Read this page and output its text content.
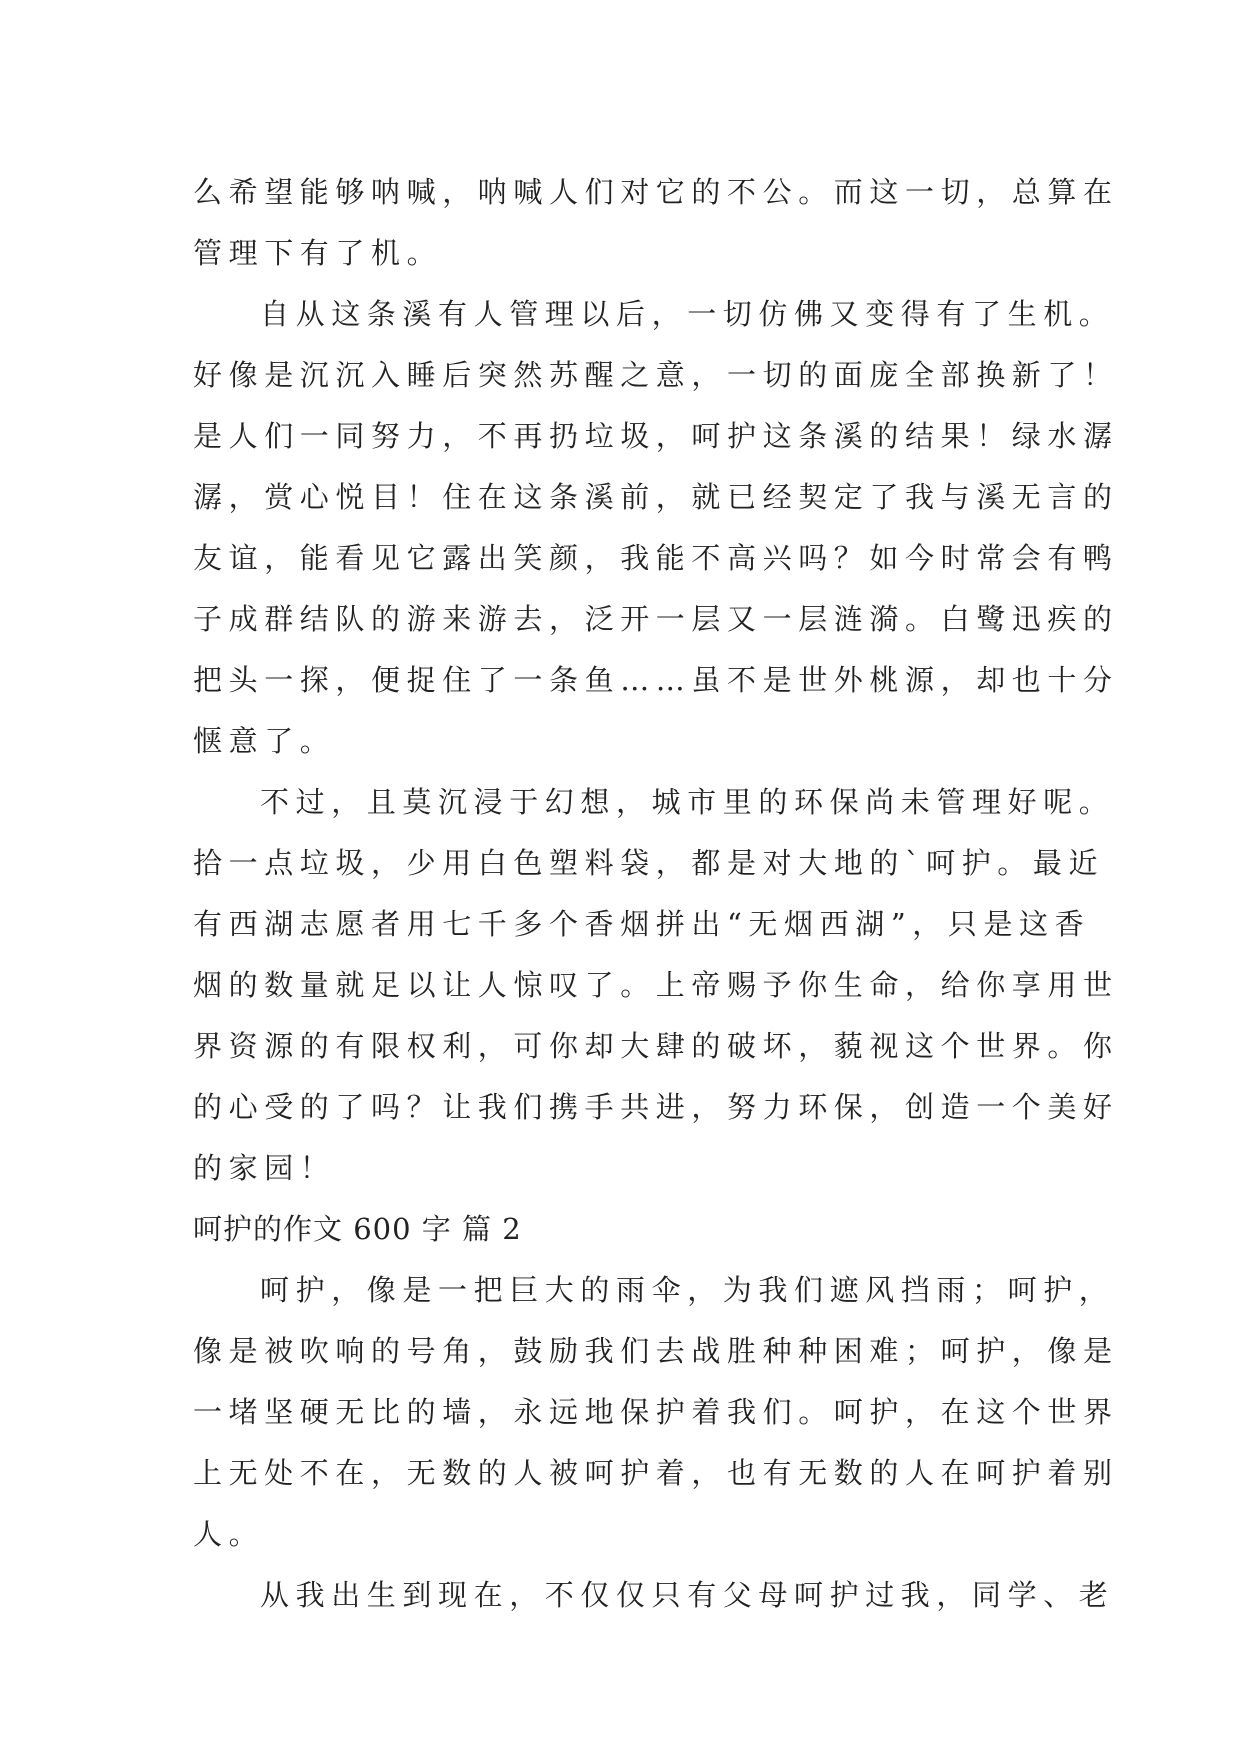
么希望能够呐喊，呐喊人们对它的不公。而这一切，总算在
管理下有了机。
自从这条溪有人管理以后，一切仿佛又变得有了生机。
好像是沉沉入睡后突然苏醒之意，一切的面庞全部换新了！
是人们一同努力，不再扔垃圾，呵护这条溪的结果！绿水潺
潺，赏心悦目！住在这条溪前，就已经契定了我与溪无言的
友谊，能看见它露出笑颜，我能不高兴吗？如今时常会有鸭
子成群结队的游来游去，泛开一层又一层涟漪。白鹭迅疾的
把头一探，便捉住了一条鱼……虽不是世外桃源，却也十分
惬意了。
不过，且莫沉浸于幻想，城市里的环保尚未管理好呢。
拾一点垃圾，少用白色塑料袋，都是对大地的`呵护。最近
有西湖志愿者用七千多个香烟拼出“无烟西湖”，只是这香
烟的数量就足以让人惊叹了。上帝赐予你生命，给你享用世
界资源的有限权利，可你却大肆的破坏，藐视这个世界。你
的心受的了吗？让我们携手共进，努力环保，创造一个美好
的家园！
呵护的作文 600 字 篇 2
呵护，像是一把巨大的雨伞，为我们遮风挡雨；呵护，
像是被吹响的号角，鼓励我们去战胜种种困难；呵护，像是
一堵坚硬无比的墙，永远地保护着我们。呵护，在这个世界
上无处不在，无数的人被呵护着，也有无数的人在呵护着别
人。
从我出生到现在，不仅仅只有父母呵护过我，同学、老
